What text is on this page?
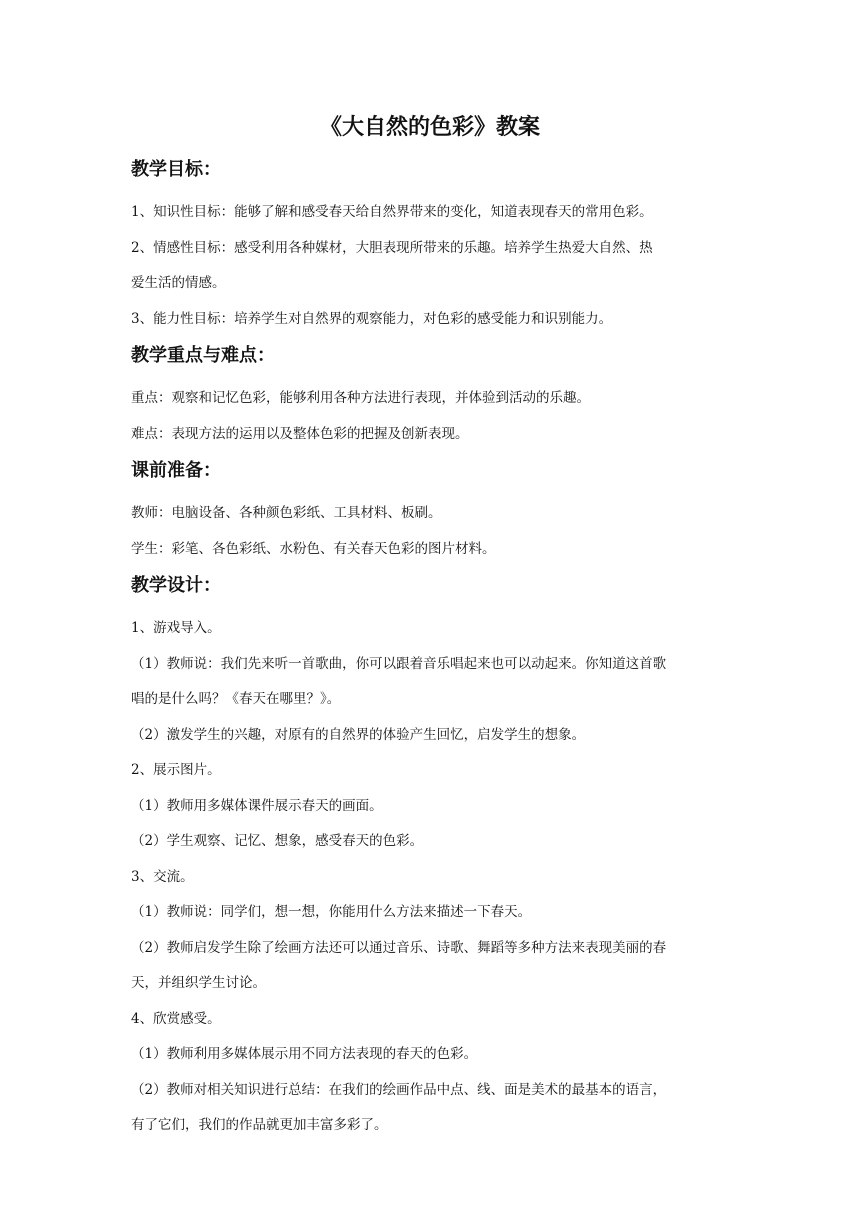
《大自然的色彩》教案
教学目标：

1、知识性目标：能够了解和感受春天给自然界带来的变化，知道表现春天的常用色彩。

2、情感性目标：感受利用各种媒材，大胆表现所带来的乐趣。培养学生热爱大自然、热

爱生活的情感。

3、能力性目标：培养学生对自然界的观察能力，对色彩的感受能力和识别能力。

教学重点与难点：

重点：观察和记忆色彩，能够利用各种方法进行表现，并体验到活动的乐趣。

难点：表现方法的运用以及整体色彩的把握及创新表现。

课前准备：

教师：电脑设备、各种颜色彩纸、工具材料、板刷。

学生：彩笔、各色彩纸、水粉色、有关春天色彩的图片材料。

教学设计：

1、游戏导入。

（1）教师说：我们先来听一首歌曲，你可以跟着音乐唱起来也可以动起来。你知道这首歌

唱的是什么吗？《春天在哪里？》。

（2）激发学生的兴趣，对原有的自然界的体验产生回忆，启发学生的想象。

2、展示图片。

（1）教师用多媒体课件展示春天的画面。

（2）学生观察、记忆、想象，感受春天的色彩。

3、交流。

（1）教师说：同学们，想一想，你能用什么方法来描述一下春天。

（2）教师启发学生除了绘画方法还可以通过音乐、诗歌、舞蹈等多种方法来表现美丽的春

天，并组织学生讨论。

4、欣赏感受。

（1）教师利用多媒体展示用不同方法表现的春天的色彩。

（2）教师对相关知识进行总结：在我们的绘画作品中点、线、面是美术的最基本的语言，

有了它们，我们的作品就更加丰富多彩了。
